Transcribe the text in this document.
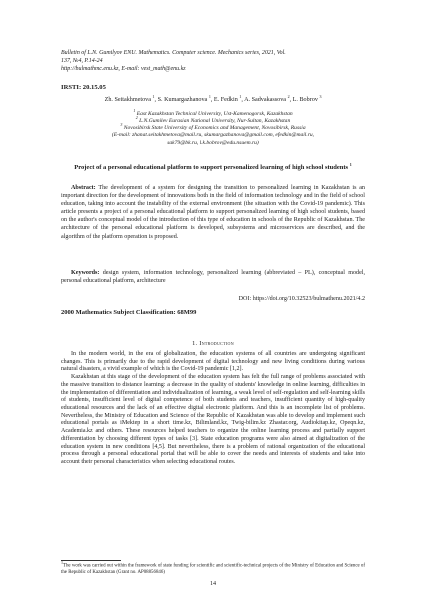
Bulletin of L.N. Gumilyov ENU. Mathematics. Computer science. Mechanics series, 2021, Vol.
137, №4, P.14-24
http://bulmathmc.enu.kz, E-mail: vest_math@enu.kz
IRSTI: 20.15.05
Zh. Seitakhmetova $^1$, S. Kumargazhanova $^1$, E. Fedkin $^1$, A. Sadvakassova $^2$, L. Bobrov $^3$
$^1$ East Kazakhstan Technical University, Ust-Kamenogorsk, Kazakhstan
$^2$ L.N.Gumilev Eurasian National University, Nur-Sultan, Kazakhstan
$^3$ Novosibirsk State University of Economics and Management, Novosibirsk, Russia
(E-mail: zhanat.seitakhmetova@mail.ru, skumargazhanova@gmail.com, efedkin@mail.ru,
sak79@bk.ru, l.k.bobrov@edu.nsuem.ru)
Project of a personal educational platform to support personalized learning of high school students $^1$
Abstract: The development of a system for designing the transition to personalized learning in Kazakhstan is an important direction for the development of innovations both in the field of information technology and in the field of school education, taking into account the instability of the external environment (the situation with the Covid-19 pandemic). This article presents a project of a personal educational platform to support personalized learning of high school students, based on the author's conceptual model of the introduction of this type of education in schools of the Republic of Kazakhstan. The architecture of the personal educational platform is developed, subsystems and microservices are described, and the algorithm of the platform operation is proposed.
Keywords: design system, information technology, personalized learning (abbreviated – PL), conceptual model, personal educational platform, architecture
DOI: https://doi.org/10.32523/bulmathenu.2021/4.2
2000 Mathematics Subject Classification: 68M99
1. Introduction

In the modern world, in the era of globalization, the education systems of all countries are undergoing significant changes. This is primarily due to the rapid development of digital technology and new living conditions during various natural disasters, a vivid example of which is the Covid-19 pandemic [1,2].

Kazakhstan at this stage of the development of the education system has felt the full range of problems associated with the massive transition to distance learning: a decrease in the quality of students' knowledge in online learning, difficulties in the implementation of differentiation and individualization of learning, a weak level of self-regulation and self-learning skills of students, insufficient level of digital competence of both students and teachers, insufficient quantity of high-quality educational resources and the lack of an effective digital electronic platform. And this is an incomplete list of problems. Nevertheless, the Ministry of Education and Science of the Republic of Kazakhstan was able to develop and implement such educational portals as iMektep in a short time.kz, Bilimland.kz, Twig-bilim.kz Zhastar.org, Audiokitap.kz, Opeqn.kz, Academia.kz and others. These resources helped teachers to organize the online learning process and partially support differentiation by choosing different types of tasks [3]. State education programs were also aimed at digitalization of the education system in new conditions [4,5]. But nevertheless, there is a problem of rational organization of the educational process through a personal educational portal that will be able to cover the needs and interests of students and take into account their personal characteristics when selecting educational routes.

$^1$The work was carried out within the framework of state funding for scientific and scientific-technical projects of the Ministry of Education and Science of the Republic of Kazakhstan (Grant no. AP08856846)
14
